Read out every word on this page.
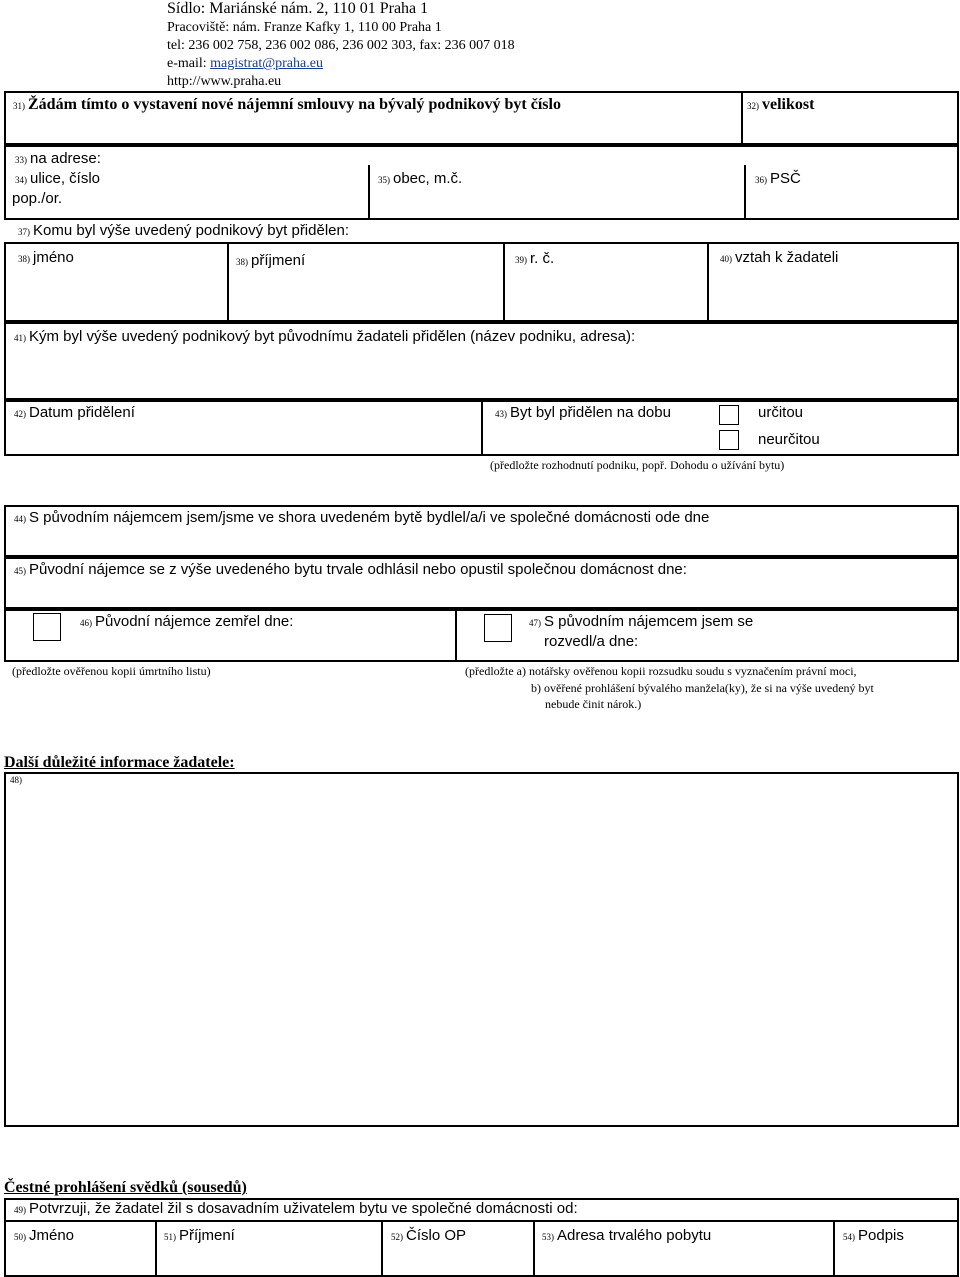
Sídlo: Mariánské nám. 2, 110 01 Praha 1
Pracoviště: nám. Franze Kafky 1, 110 00 Praha 1
tel: 236 002 758, 236 002 086, 236 002 303, fax: 236 007 018
e-mail: magistrat@praha.eu
http://www.praha.eu
31) Žádám tímto o vystavení nové nájemní smlouvy na bývalý podnikový byt číslo	32) velikost
33) na adrese:
34) ulice, číslo
pop./or.
35) obec, m.č.	36) PSČ
37) Komu byl výše uvedený podnikový byt přidělen:
38) jméno	38) příjmení	39) r. č.	40) vztah k žadateli
41) Kým byl výše uvedený podnikový byt původnímu žadateli přidělen (název podniku, adresa):
42) Datum přidělení	43) Byt byl přidělen na dobu	určitou
neurčitou
(předložte rozhodnutí podniku, popř. Dohodu o užívání bytu)
44) S původním nájemcem jsem/jsme ve shora uvedeném bytě bydlel/a/i ve společné domácnosti ode dne
45) Původní nájemce se z výše uvedeného bytu trvale odhlásil nebo opustil společnou domácnost dne:
46) Původní nájemce zemřel dne:	47) S původním nájemcem jsem se
rozvedl/a dne:
(předložte ověřenou kopii úmrtního listu)	(předložte a) notářsky ověřenou kopii rozsudku soudu s vyznačením právní moci,
b) ověřené prohlášení bývalého manžela(ky), že si na výše uvedený byt
nebude činit nárok.)
Další důležité informace žadatele:
48)
Čestné prohlášení svědků (sousedů)
49) Potvrzuji, že žadatel žil s dosavadním uživatelem bytu ve společné domácnosti od:
50) Jméno	51) Příjmení	52) Číslo OP	53) Adresa trvalého pobytu	54) Podpis
